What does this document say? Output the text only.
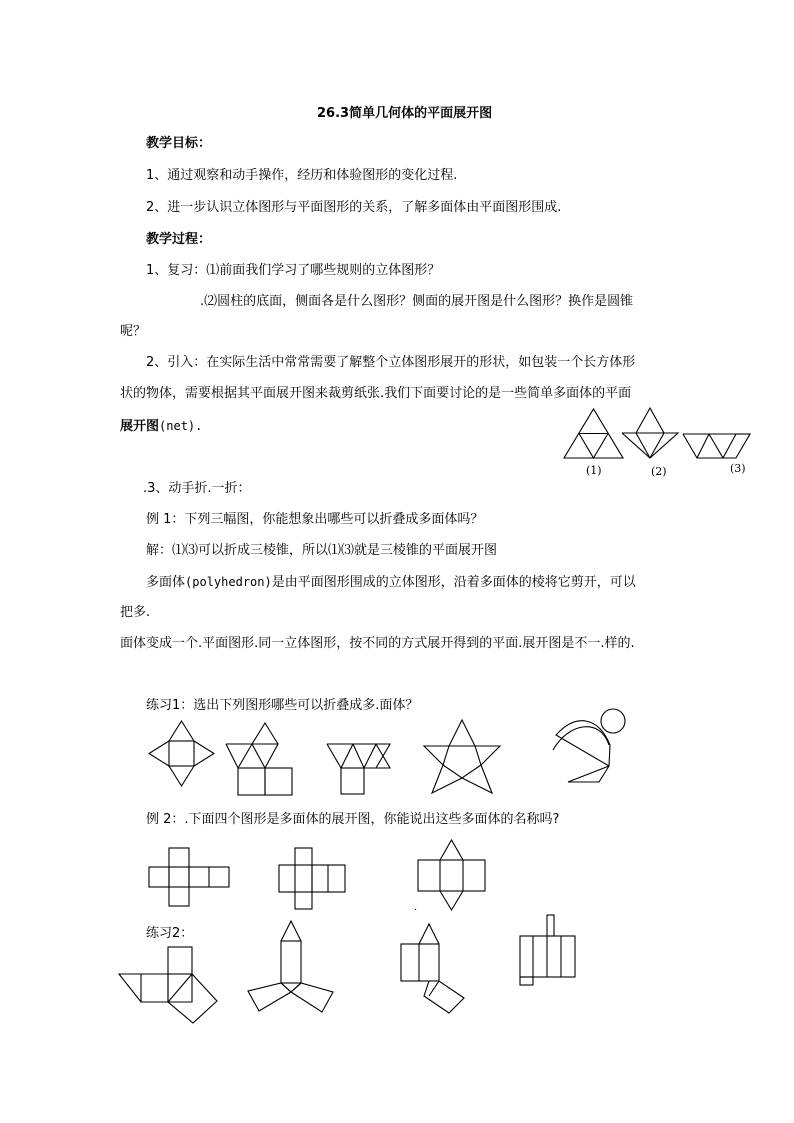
26.3简单几何体的平面展开图
教学目标：
1、通过观察和动手操作，经历和体验图形的变化过程.
2、进一步认识立体图形与平面图形的关系，了解多面体由平面图形围成.
教学过程：
1、复习：⑴前面我们学习了哪些规则的立体图形？
.⑵圆柱的底面，侧面各是什么图形？侧面的展开图是什么图形？换作是圆锥
呢？
2、引入：在实际生活中常常需要了解整个立体图形展开的形状，如包装一个长方体形
状的物体，需要根据其平面展开图来裁剪纸张.我们下面要讨论的是一些简单多面体的平面
展开图(net).
(1)	(2)	(3)
.3、动手折.一折：
例 1：下列三幅图，你能想象出哪些可以折叠成多面体吗？
解：⑴⑶可以折成三棱锥，所以⑴⑶就是三棱锥的平面展开图
多面体(polyhedron)是由平面图形围成的立体图形，沿着多面体的棱将它剪开，可以
把多.
面体变成一个.平面图形.同一立体图形，按不同的方式展开得到的平面.展开图是不一.样的.
练习1：选出下列图形哪些可以折叠成多.面体？
例 2：.下面四个图形是多面体的展开图，你能说出这些多面体的名称吗?
.
练习2：
